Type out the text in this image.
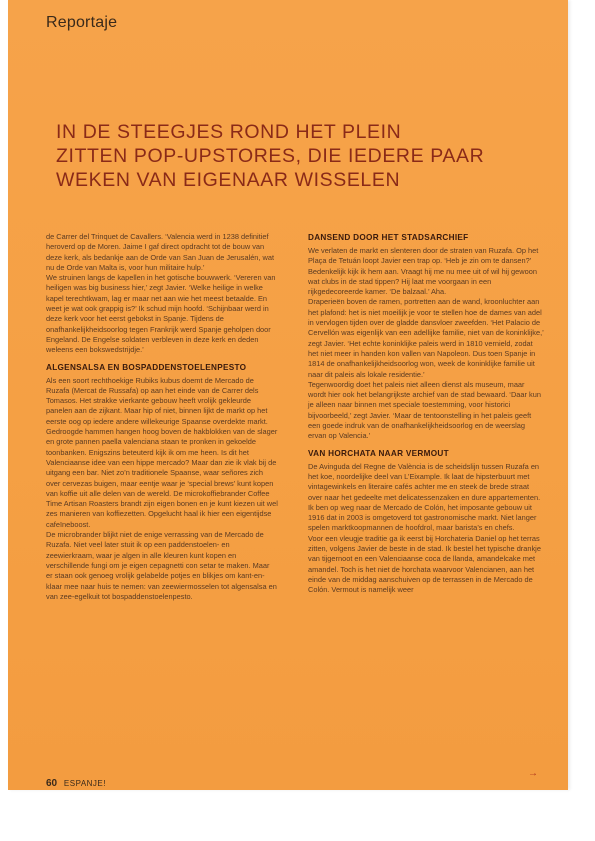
Reportaje
IN DE STEEGJES ROND HET PLEIN
ZITTEN POP-UPSTORES, DIE IEDERE PAAR
WEKEN VAN EIGENAAR WISSELEN

de Carrer del Trinquet de Cavallers. ‘Valencia werd in 1238 definitief heroverd op de Moren. Jaime I gaf direct opdracht tot de bouw van deze kerk, als bedankje aan de Orde van San Juan de Jerusalén, wat nu de Orde van Malta is, voor hun militaire hulp.’

We struinen langs de kapellen in het gotische bouwwerk. ‘Vereren van heiligen was big business hier,’ zegt Javier. ‘Welke heilige in welke kapel terechtkwam, lag er maar net aan wie het meest betaalde. En weet je wat ook grappig is?’ Ik schud mijn hoofd. ‘Schijnbaar werd in deze kerk voor het eerst gebokst in Spanje. Tijdens de onafhankelijkheidsoorlog tegen Frankrijk werd Spanje geholpen door Engeland. De Engelse soldaten verbleven in deze kerk en deden weleens een bokswedstrijdje.’

ALGENSALSA EN BOSPADDENSTOELENPESTO

Als een soort rechthoekige Rubiks kubus doemt de Mercado de Ruzafa (Mercat de Russafa) op aan het einde van de Carrer dels Tomasos. Het strakke vierkante gebouw heeft vrolijk gekleurde panelen aan de zijkant. Maar hip of niet, binnen lijkt de markt op het eerste oog op iedere andere willekeurige Spaanse overdekte markt. Gedroogde hammen hangen hoog boven de hakblokken van de slager en grote pannen paella valenciana staan te pronken in gekoelde toonbanken. Enigszins beteuterd kijk ik om me heen. Is dit het Valenciaanse idee van een hippe mercado? Maar dan zie ik vlak bij de uitgang een bar. Niet zo’n traditionele Spaanse, waar señores zich over cervezas buigen, maar eentje waar je ‘special brews’ kunt kopen van koffie uit alle delen van de wereld. De microkoffiebrander Coffee Time Artisan Roasters brandt zijn eigen bonen en je kunt kiezen uit wel zes manieren van koffiezetten. Opgelucht haal ik hier een eigentijdse cafeïneboost.

De microbrander blijkt niet de enige verrassing van de Mercado de Ruzafa. Niet veel later stuit ik op een paddenstoelen- en zeewierkraam, waar je algen in alle kleuren kunt kopen en verschillende fungi om je eigen cepagnetti con setar te maken. Maar er staan ook genoeg vrolijk gelabelde potjes en blikjes om kant-en-klaar mee naar huis te nemen: van zeewiermosselen tot algensalsa en van zee-egelkuit tot bospaddenstoelenpesto.

DANSEND DOOR HET STADSARCHIEF

We verlaten de markt en slenteren door de straten van Ruzafa. Op het Plaça de Tetuán loopt Javier een trap op. ‘Heb je zin om te dansen?’ Bedenkelijk kijk ik hem aan. Vraagt hij me nu mee uit of wil hij gewoon wat clubs in de stad tippen? Hij laat me voorgaan in een rijkgedecoreerde kamer. ‘De balzaal.’ Aha.

Draperieën boven de ramen, portretten aan de wand, kroonluchter aan het plafond: het is niet moeilijk je voor te stellen hoe de dames van adel in vervlogen tijden over de gladde dansvloer zweefden. ‘Het Palacio de Cervellón was eigenlijk van een adellijke familie, niet van de koninklijke,’ zegt Javier. ‘Het echte koninklijke paleis werd in 1810 vernield, zodat het niet meer in handen kon vallen van Napoleon. Dus toen Spanje in 1814 de onafhankelijkheidsoorlog won, week de koninklijke familie uit naar dit paleis als lokale residentie.’

Tegenwoordig doet het paleis niet alleen dienst als museum, maar wordt hier ook het belangrijkste archief van de stad bewaard. ‘Daar kun je alleen naar binnen met speciale toestemming, voor historici bijvoorbeeld,’ zegt Javier. ‘Maar de tentoonstelling in het paleis geeft een goede indruk van de onafhankelijkheidsoorlog en de weerslag ervan op Valencia.’

VAN HORCHATA NAAR VERMOUT

De Avinguda del Regne de València is de scheidslijn tussen Ruzafa en het koe, noordelijke deel van L’Eixample. Ik laat de hipsterbuurt met vintagewinkels en literaire cafés achter me en steek de brede straat over naar het gedeelte met delicatessenzaken en dure appartementen. Ik ben op weg naar de Mercado de Colón, het imposante gebouw uit 1916 dat in 2003 is omgetoverd tot gastronomische markt. Niet langer spelen marktkoopmannen de hoofdrol, maar barista’s en chefs.

Voor een vleugje traditie ga ik eerst bij Horchateria Daniel op het terras zitten, volgens Javier de beste in de stad. Ik bestel het typische drankje van tijgernoot en een Valenciaanse coca de llanda, amandelcake met amandel. Toch is het niet de horchata waarvoor Valencianen, aan het einde van de middag aanschuiven op de terrassen in de Mercado de Colón. Vermout is namelijk weer

60 ESPANJE!
→
